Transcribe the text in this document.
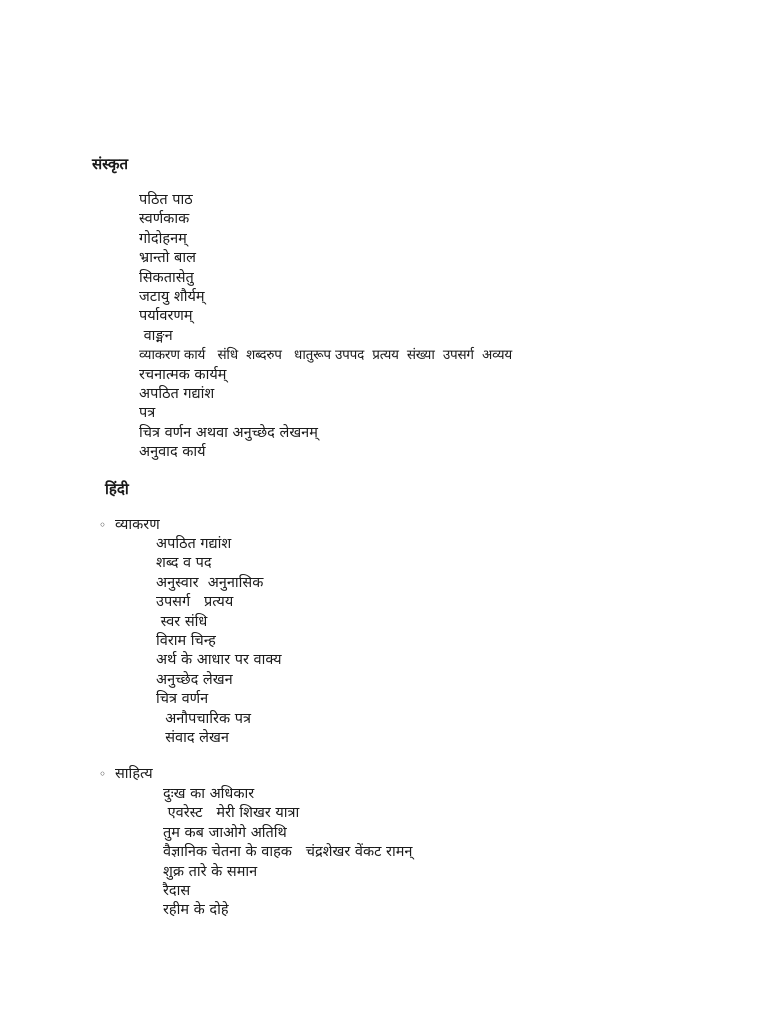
संस्कृत
पठित पाठ
स्वर्णकाक
गोदोहनम्
भ्रान्तो बाल
सिकतासेतु
जटायु शौर्यम्
पर्यावरणम्
वाङ्मन
व्याकरण कार्य   संधि  शब्दरुप   धातुरूप उपपद  प्रत्यय  संख्या  उपसर्ग  अव्यय
रचनात्मक कार्यम्
अपठित गद्यांश
पत्र
चित्र वर्णन अथवा अनुच्छेद लेखनम्
अनुवाद कार्य
हिंदी
◦ व्याकरण
अपठित गद्यांश
शब्द व पद
अनुस्वार  अनुनासिक
उपसर्ग   प्रत्यय
स्वर संधि
विराम चिन्ह
अर्थ के आधार पर वाक्य
अनुच्छेद लेखन
चित्र वर्णन
अनौपचारिक पत्र
संवाद लेखन
◦ साहित्य
दुःख का अधिकार
एवरेस्ट   मेरी शिखर यात्रा
तुम कब जाओगे अतिथि
वैज्ञानिक चेतना के वाहक   चंद्रशेखर वेंकट रामन्
शुक्र तारे के समान
रैदास
रहीम के दोहे
